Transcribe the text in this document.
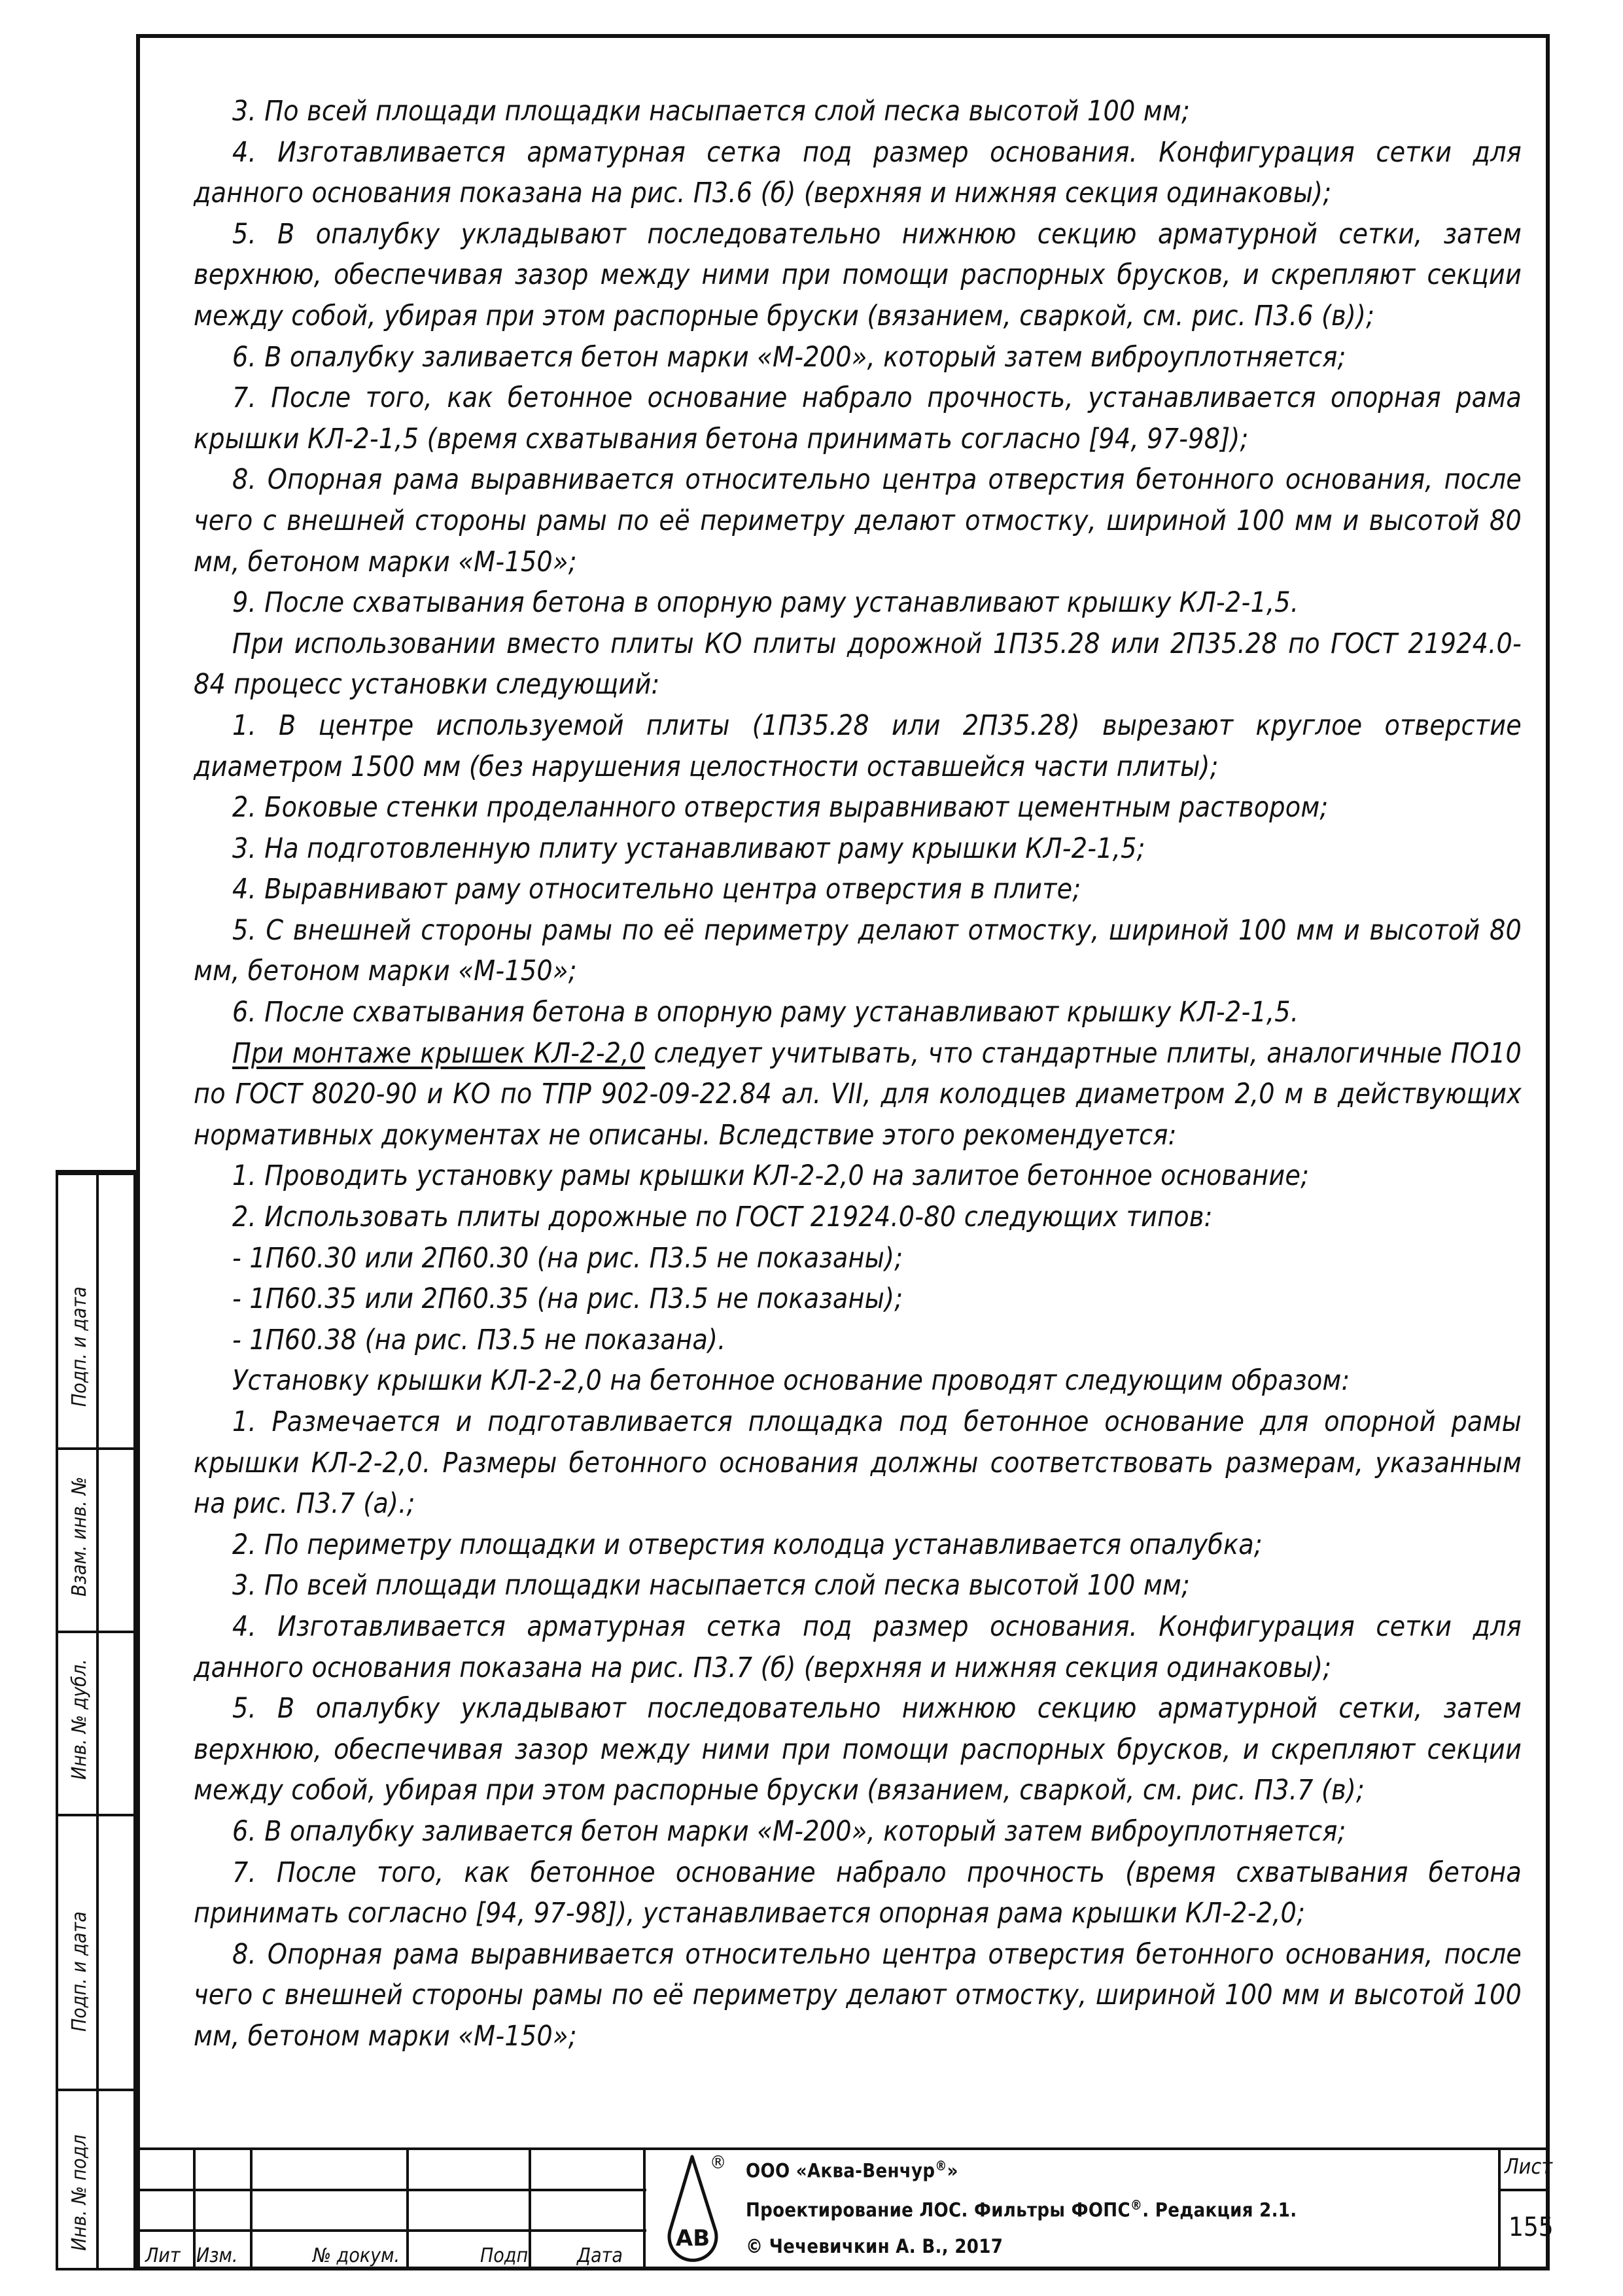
3. По всей площади площадки насыпается слой песка высотой 100 мм;

4. Изготавливается арматурная сетка под размер основания. Конфигурация сетки для данного основания показана на рис. П3.6 (б) (верхняя и нижняя секция одинаковы);

5. В опалубку укладывают последовательно нижнюю секцию арматурной сетки, затем верхнюю, обеспечивая зазор между ними при помощи распорных брусков, и скрепляют секции между собой, убирая при этом распорные бруски (вязанием, сваркой, см. рис. П3.6 (в));

6. В опалубку заливается бетон марки «М-200», который затем виброуплотняется;

7. После того, как бетонное основание набрало прочность, устанавливается опорная рама крышки КЛ-2-1,5 (время схватывания бетона принимать согласно [94, 97-98]);

8. Опорная рама выравнивается относительно центра отверстия бетонного основания, после чего с внешней стороны рамы по её периметру делают отмостку, шириной 100 мм и высотой 80 мм, бетоном марки «М-150»;

9. После схватывания бетона в опорную раму устанавливают крышку КЛ-2-1,5.

При использовании вместо плиты КО плиты дорожной 1П35.28 или 2П35.28 по ГОСТ 21924.0-84 процесс установки следующий:

1. В центре используемой плиты (1П35.28 или 2П35.28) вырезают круглое отверстие диаметром 1500 мм (без нарушения целостности оставшейся части плиты);

2. Боковые стенки проделанного отверстия выравнивают цементным раствором;

3. На подготовленную плиту устанавливают раму крышки КЛ-2-1,5;

4. Выравнивают раму относительно центра отверстия в плите;

5. С внешней стороны рамы по её периметру делают отмостку, шириной 100 мм и высотой 80 мм, бетоном марки «М-150»;

6. После схватывания бетона в опорную раму устанавливают крышку КЛ-2-1,5.

При монтаже крышек КЛ-2-2,0 следует учитывать, что стандартные плиты, аналогичные ПО10 по ГОСТ 8020-90 и КО по ТПР 902-09-22.84 ал. VII, для колодцев диаметром 2,0 м в действующих нормативных документах не описаны. Вследствие этого рекомендуется:

1. Проводить установку рамы крышки КЛ-2-2,0 на залитое бетонное основание;

2. Использовать плиты дорожные по ГОСТ 21924.0-80 следующих типов:

- 1П60.30 или 2П60.30 (на рис. П3.5 не показаны);

- 1П60.35 или 2П60.35 (на рис. П3.5 не показаны);

- 1П60.38 (на рис. П3.5 не показана).

Установку крышки КЛ-2-2,0 на бетонное основание проводят следующим образом:

1. Размечается и подготавливается площадка под бетонное основание для опорной рамы крышки КЛ-2-2,0. Размеры бетонного основания должны соответствовать размерам, указанным на рис. П3.7 (а).;

2. По периметру площадки и отверстия колодца устанавливается опалубка;

3. По всей площади площадки насыпается слой песка высотой 100 мм;

4. Изготавливается арматурная сетка под размер основания. Конфигурация сетки для данного основания показана на рис. П3.7 (б) (верхняя и нижняя секция одинаковы);

5. В опалубку укладывают последовательно нижнюю секцию арматурной сетки, затем верхнюю, обеспечивая зазор между ними при помощи распорных брусков, и скрепляют секции между собой, убирая при этом распорные бруски (вязанием, сваркой, см. рис. П3.7 (в);

6. В опалубку заливается бетон марки «М-200», который затем виброуплотняется;

7. После того, как бетонное основание набрало прочность (время схватывания бетона принимать согласно [94, 97-98]), устанавливается опорная рама крышки КЛ-2-2,0;

8. Опорная рама выравнивается относительно центра отверстия бетонного основания, после чего с внешней стороны рамы по её периметру делают отмостку, шириной 100 мм и высотой 100 мм, бетоном марки «М-150»;

Подп. и дата
Взам. инв. №
Инв. № дубл.
Подп. и дата
Инв. № подл
Лит Изм.	№ докум.	Подп. Дата
АВ
® ООО «Аква-Венчур®»
Проектирование ЛОС. Фильтры ФОПС®. Редакция 2.1.
© Чечевичкин А. В., 2017
Лист
155
